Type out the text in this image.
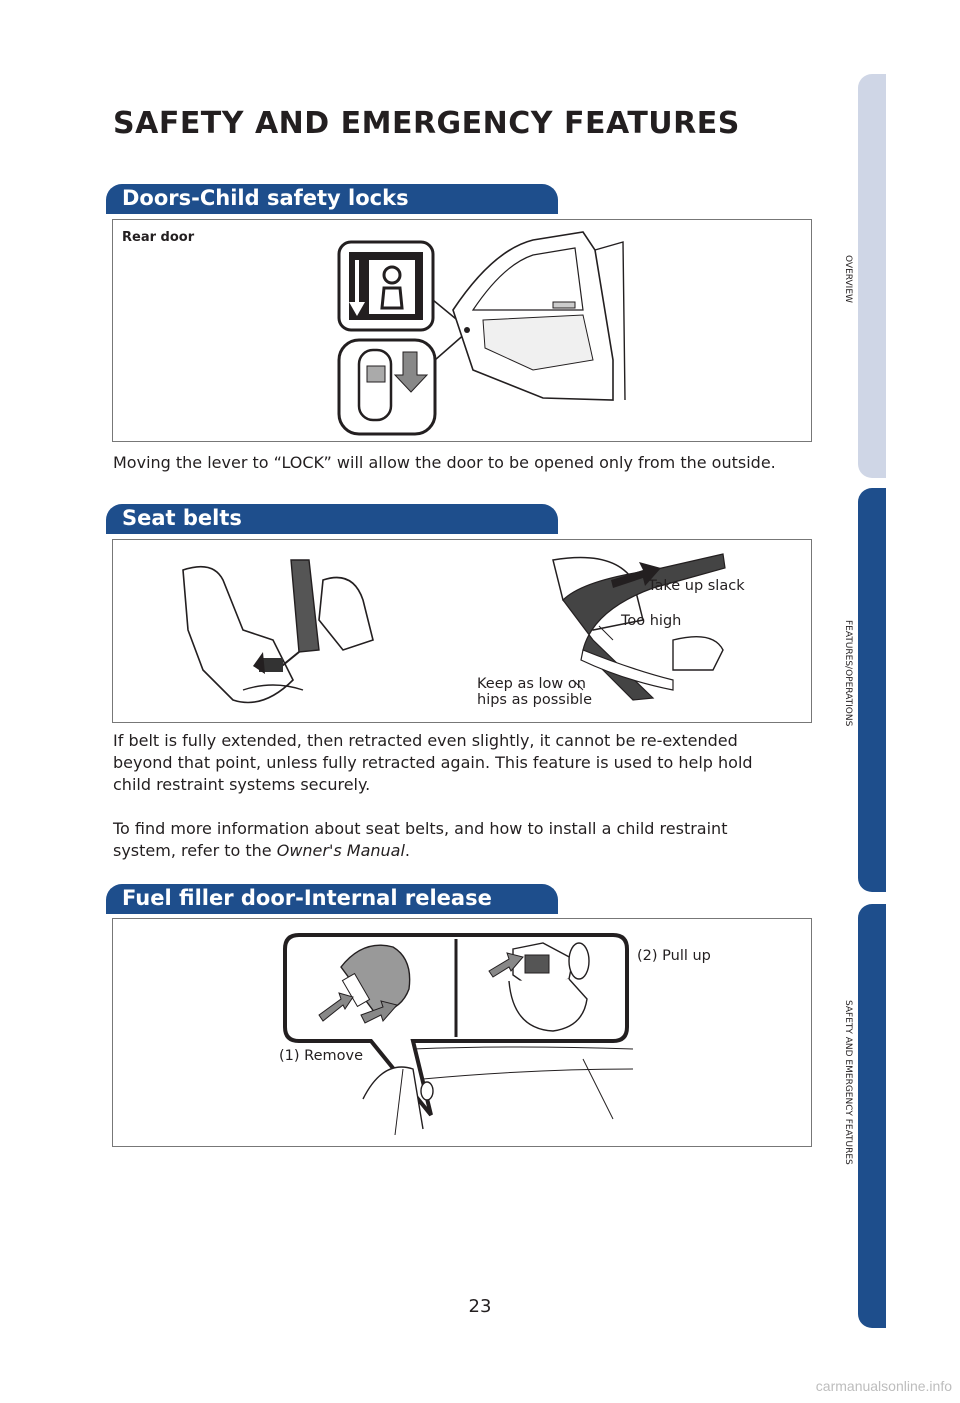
SAFETY AND EMERGENCY FEATURES
OVERVIEW
FEATURES/OPERATIONS
SAFETY AND EMERGENCY FEATURES
Doors-Child safety locks
Rear door
Moving the lever to “LOCK” will allow the door to be opened only from the outside.
Seat belts
Take up slack
Too high
Keep as low on
hips as possible
If belt is fully extended, then retracted even slightly, it cannot be re-extended beyond that point, unless fully retracted again. This feature is used to help hold child restraint systems securely.
To find more information about seat belts, and how to install a child restraint system, refer to the Owner's Manual.
Fuel filler door-Internal release
(2) Pull up
(1) Remove
23
carmanualsonline.info
